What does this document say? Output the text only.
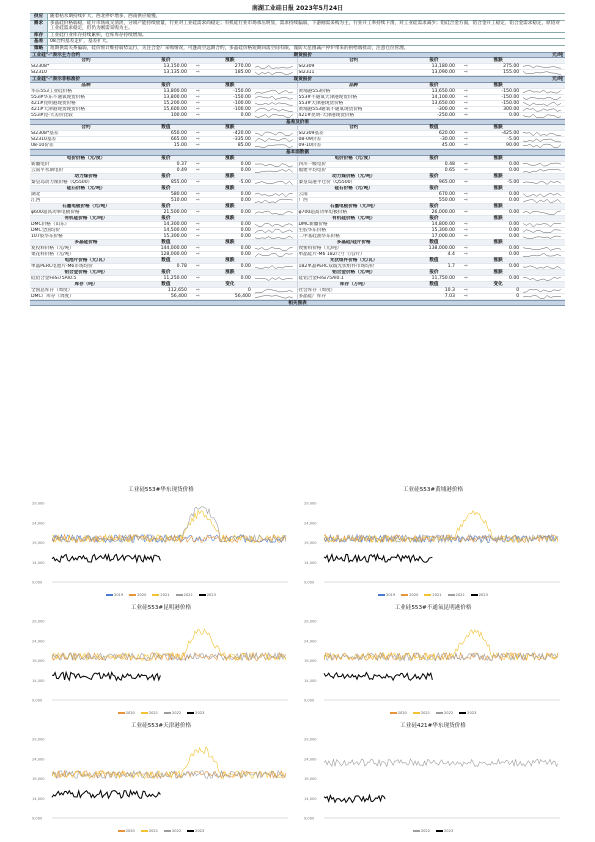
南湖工业硅日报 2023年5月24日
供应	随着枯水期持续扩大，西北停炉增多，西南供应缓慢。
需求	多晶硅价格弱稳，硅片市场成交清淡，分项产能持续放量，行业对工业硅需求尚稳定；有机硅行业市场承压明显，需求持续偏弱，下游刚需采购为主，行业开工率持续下滑，对工业硅需求减少；铝硅合金方面，铝合金开工稳定，铝合金需求稳定，原铝对工业硅需求稳定，但仍为刚需采购为主。
库存	工业硅行业库存持续累积，仓库库存持续增加。
基差	08合约基差走扩，基差扩大。
策略	短期供需关系偏弱，硅价预计维持弱势运行，关注合金厂采购情况，可逢高空远期合约，多晶硅价格短期回落空间有限，谨防大范围减产停炉带来的供给端扰动，注意仓位管理。
工业硅"-"表示主力合约	期货报价	元/吨
合约	报价	涨跌	合约	报价	涨跌
SI2308*	13,150.00	⇨	270.00	SI2309	13,180.00	⇨	275.00
SI2310	13,135.00	⇨	185.00	SI2311	13,090.00	⇨	155.00
工业硅"-"表示非标准价	现货报价	元/吨
品种	报价	涨跌	品种	报价	涨跌
华东553工业硅价格	13,800.00	⇨	-150.00	黄埔港553价格	13,650.00	⇨	-150.00
553#华东不通氧现货价格	13,800.00	⇨	-150.00	553#不通氧天津港现货价格	14,100.00	⇨	-150.00
421#昆明港现货价格	15,200.00	⇨	-100.00	553#天津港现货价格	13,650.00	⇨	-150.00
421#天津港现货现货价格	15,600.00	⇨	-100.00	黄埔港553通氧不通氧现货价格	-300.00	⇨	300.00
553#昆-天差价比较	100.00	⇨	0.00	421#昆明-天津港现货价格	-250.00	⇨	0.00
基差及价差
合约	数值	涨跌	合约	数值	涨跌
SI2308*基差	650.00	⇨	-420.00	SI2309基差	620.00	⇨	-425.00
SI2310基差	665.00	⇨	-335.00	08-09价差	-30.00	⇨	-5.00
08-10价差	15.00	⇨	85.00	09-10价差	45.00	⇨	90.00
基本面数据
电价价格（元/度）	报价	涨跌	电价价格（元/度）	报价	涨跌
新疆电价	0.37	⇨	0.00	四川一级电价	0.48	⇨	0.00
云南平水期电价	0.49	⇨	0.00	福建平均电价	0.65	⇨	0.00
动力煤价格	报价	涨跌	动力煤价格（元/吨）	报价	涨跌
秦皇岛动力煤价格（Q5500）	855.00	⇨	-5.00	秦皇岛港平仓价（Q5500）	965.00	⇨	-5.00
硅石价格（元/吨）	报价	涨跌	硅石价格（元/吨）	报价	涨跌
湖北	580.00	⇨	0.00	云南	670.00	⇨	0.00
江西	510.00	⇨	0.00	广西	550.00	⇨	0.00
石墨电极价格（元/吨）	报价	涨跌	石墨电极价格（元/吨）	报价	涨跌
φ600超高功率电极价格	21,500.00	⇨	0.00	φ700超高功率电极价格	26,000.00	⇨	0.00
有机硅价格（元/吨）	报价	涨跌	有机硅价格（元/吨）	报价	涨跌
DMC价格（山东）	14,300.00	⇨	0.00	DMC新疆价格	14,800.00	⇨	0.00
DMC全国均价	14,500.00	⇨	0.00	生胶华东价格	15,300.00	⇨	0.00
107胶华东价格	15,300.00	⇨	0.00	二甲基硅油华东价格	17,000.00	⇨	0.00
多晶硅价格	数值	涨跌	多晶硅/硅片价格	数值	涨跌
复投料价格（元/吨）	144,000.00	⇨	0.00	致密料价格（元/吨）	138,000.00	⇨	0.00
菜花料价格（元/吨）	128,000.00	⇨	0.00	单晶硅片-M6 182尺寸（元/片）	4.4	⇨	0.00
电池片价格（元/瓦）	数值	涨跌	光伏组件价格（元/瓦）	数值	涨跌
单晶PERC电池片-M6市场均价	0.78	⇨	0.00	182单晶PERC双玻光伏组件市场均价	1.7	⇨	0.00
铝合金价格（元/吨）	报价	涨跌	铝合金价格（元/吨）	报价	涨跌
硅铝合金FeSi75Al0.5	11,250.00	⇨	0.00	硅铝合金FeSi75Al0.1	11,750.00	⇨	0.00
库存（吨）	数值	变化	库存（万吨）	数值	变化
全国总库存（周度）	112,650	⇨	0	社会库存（周度）	10.3	⇨	0
DMC厂库存（周度）	56,400	⇨	56,400	多晶硅厂库存	7.03	⇨	0
相关图表
工业硅553#华东现货价格
29,000
24,000
19,000
14,000
9,000
2019	2020	2021	2022	2023
工业硅553#黄埔港价格
29,000
24,000
19,000
14,000
9,000
2019	2020	2021	2022	2023
工业硅553#昆明港价格
29,000
24,000
19,000
14,000
9,000
2020	2021	2022	2023
工业硅553#不通氧昆明港价格
29,000
24,000
19,000
14,000
9,000
2020	2021	2022	2023
工业硅553#天津港价格
29,000
24,000
19,000
14,000
9,000
2020	2021	2022	2023
工业硅421#华东现货价格
29,000
24,000
19,000
14,000
9,000
2022	2023
